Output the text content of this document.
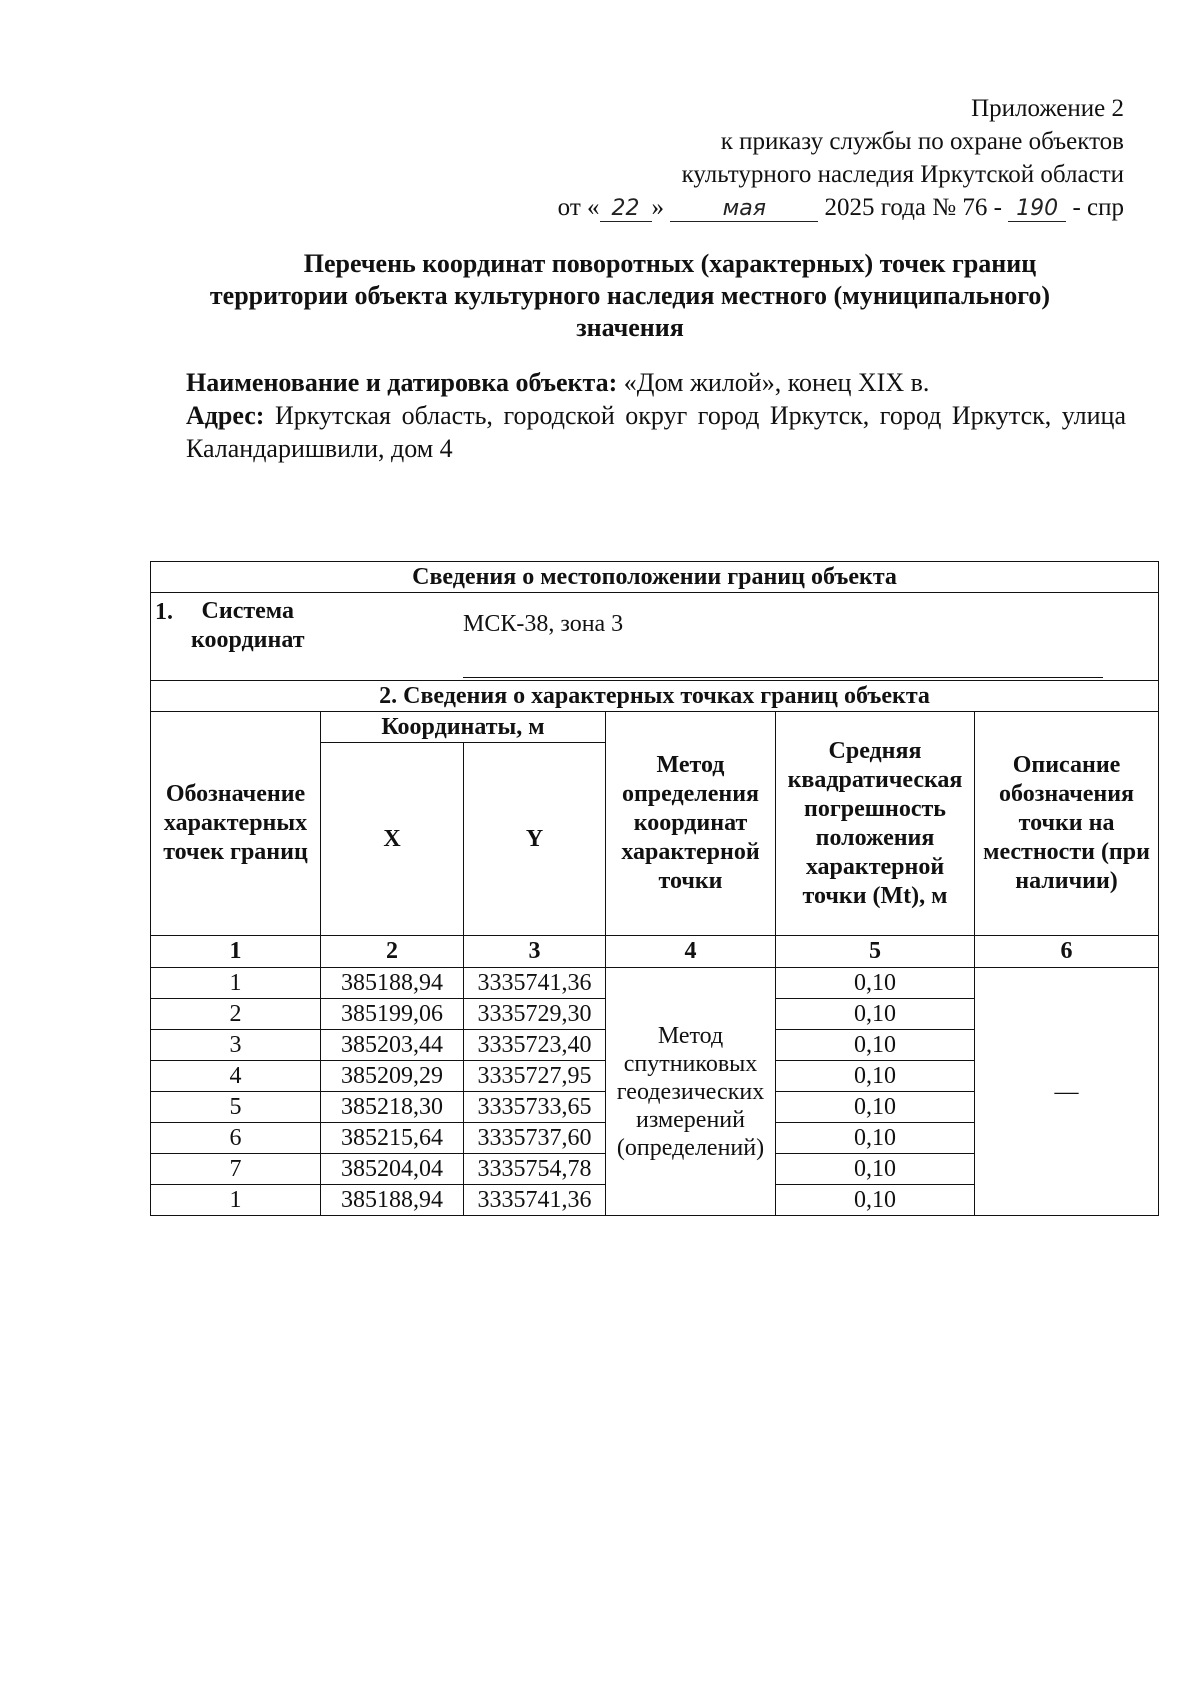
Приложение 2
к приказу службы по охране объектов
культурного наследия Иркутской области
от « 22 »	мая 2025 года № 76 - 190 - спр
Перечень координат поворотных (характерных) точек границ
территории объекта культурного наследия местного (муниципального)
значения

Наименование и датировка объекта: «Дом жилой», конец XIX в.

Адрес: Иркутская область, городской округ город Иркутск, город Иркутск, улица Каландаришвили, дом 4

Сведения о местоположении границ объекта					

1. Система
координат
МСК-38, зона 3					

2. Сведения о характерных точках границ объекта					
Обозначение характерных точек границ	Координаты, м		Метод определения координат характерной точки	Средняя квадратическая погрешность положения характерной точки (Mt), м	Описание обозначения точки на местности (при наличии)
	X	Y			
1	2	3	4	5	6
1	385188,94	3335741,36	Метод спутниковых геодезических измерений (определений)	0,10	—
2	385199,06	3335729,30		0,10	
3	385203,44	3335723,40		0,10	
4	385209,29	3335727,95		0,10	
5	385218,30	3335733,65		0,10	
6	385215,64	3335737,60		0,10	
7	385204,04	3335754,78		0,10	
1	385188,94	3335741,36		0,10	
